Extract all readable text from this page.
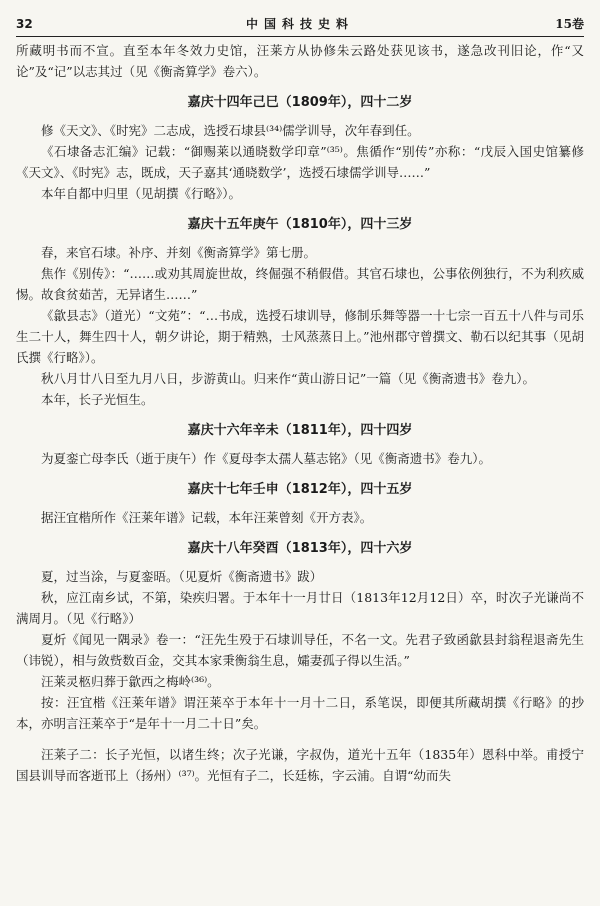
32	中国科技史料	15卷

所藏明书而不宣。直至本年冬效力史馆，汪莱方从协修朱云路处获见该书，遂急改刊旧论，作“又论”及“记”以志其过（见《衡斋算学》卷六）。

嘉庆十四年己巳（1809年），四十二岁

修《天文》、《时宪》二志成，选授石埭县⁽³⁴⁾儒学训导，次年春到任。

《石埭备志汇编》记载：“御赐莱以通晓数学印章”⁽³⁵⁾。焦循作“别传”亦称：“戊辰入国史馆纂修《天文》、《时宪》志，既成，天子嘉其‘通晓数学’，选授石埭儒学训导……”

本年自都中归里（见胡撰《行略》）。

嘉庆十五年庚午（1810年），四十三岁

春，来官石埭。补序、并刻《衡斋算学》第七册。

焦作《别传》：“……或劝其周旋世故，终倔强不稍假借。其官石埭也，公事依例独行，不为利疚威惕。故食贫茹苦，无异诸生……”

《歙县志》（道光）“文苑”：“…书成，选授石埭训导，修制乐舞等器一十七宗一百五十八件与司乐生二十人，舞生四十人，朝夕讲论，期于精熟，士风蒸蒸日上。”池州郡守曾撰文、勒石以纪其事（见胡氏撰《行略》）。

秋八月廿八日至九月八日，步游黄山。归来作“黄山游日记”一篇（见《衡斋遗书》卷九）。

本年，长子光恒生。

嘉庆十六年辛未（1811年），四十四岁

为夏銮亡母李氏（逝于庚午）作《夏母李太孺人墓志铭》（见《衡斋遗书》卷九）。

嘉庆十七年壬申（1812年），四十五岁

据汪宜楷所作《汪莱年谱》记载，本年汪莱曾刻《开方表》。

嘉庆十八年癸酉（1813年），四十六岁

夏，过当涂，与夏銮晤。（见夏炘《衡斋遗书》跋）

秋，应江南乡试，不第，染疾归署。于本年十一月廿日（1813年12月12日）卒，时次子光谦尚不满周月。（见《行略》）

夏炘《闻见一隅录》卷一：“汪先生殁于石埭训导任，不名一文。先君子致函歙县封翁程退斋先生（讳锐），相与敛赀数百金，交其本家秉衡翁生息，孀妻孤子得以生活。”

汪莱灵柩归葬于歙西之梅岭⁽³⁶⁾。

按：汪宜楷《汪莱年谱》谓汪莱卒于本年十一月十二日，系笔误，即便其所藏胡撰《行略》的抄本，亦明言汪莱卒于“是年十一月二十日”矣。

汪莱子二：长子光恒，以诸生终；次子光谦，字叔伪，道光十五年（1835年）恩科中举。甫授宁国县训导而客逝邗上（扬州）⁽³⁷⁾。光恒有子二，长廷栋，字云浦。自谓“幼而失
